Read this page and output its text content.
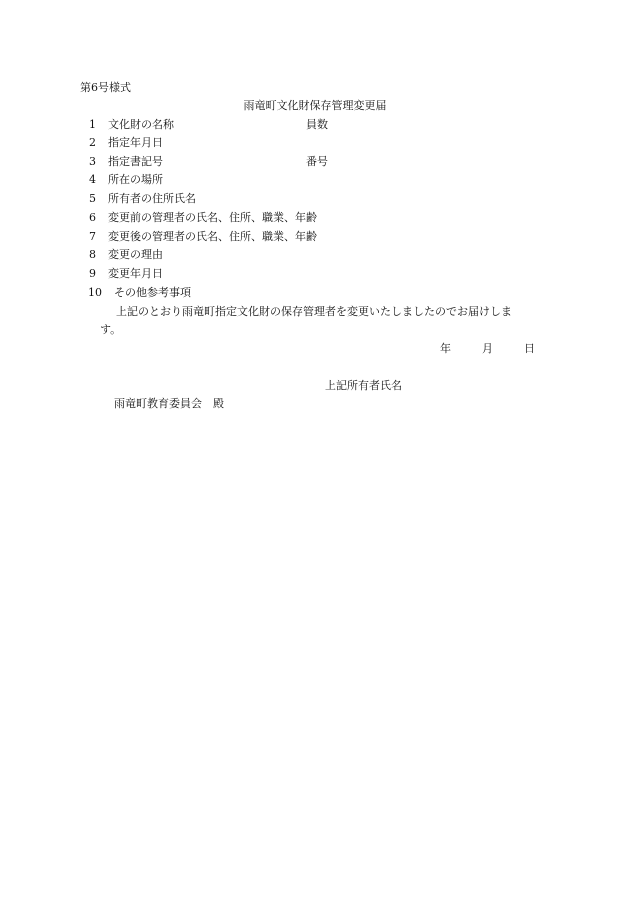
第6号様式
雨竜町文化財保存管理変更届
1 文化財の名称	員数
2 指定年月日
3 指定書記号	番号
4 所在の場所
5 所有者の住所氏名
6 変更前の管理者の氏名、住所、職業、年齢
7 変更後の管理者の氏名、住所、職業、年齢
8 変更の理由
9 変更年月日
10 その他参考事項
上記のとおり雨竜町指定文化財の保存管理者を変更いたしましたのでお届けしま
す。
年	月	日
上記所有者氏名
雨竜町教育委員会　殿
